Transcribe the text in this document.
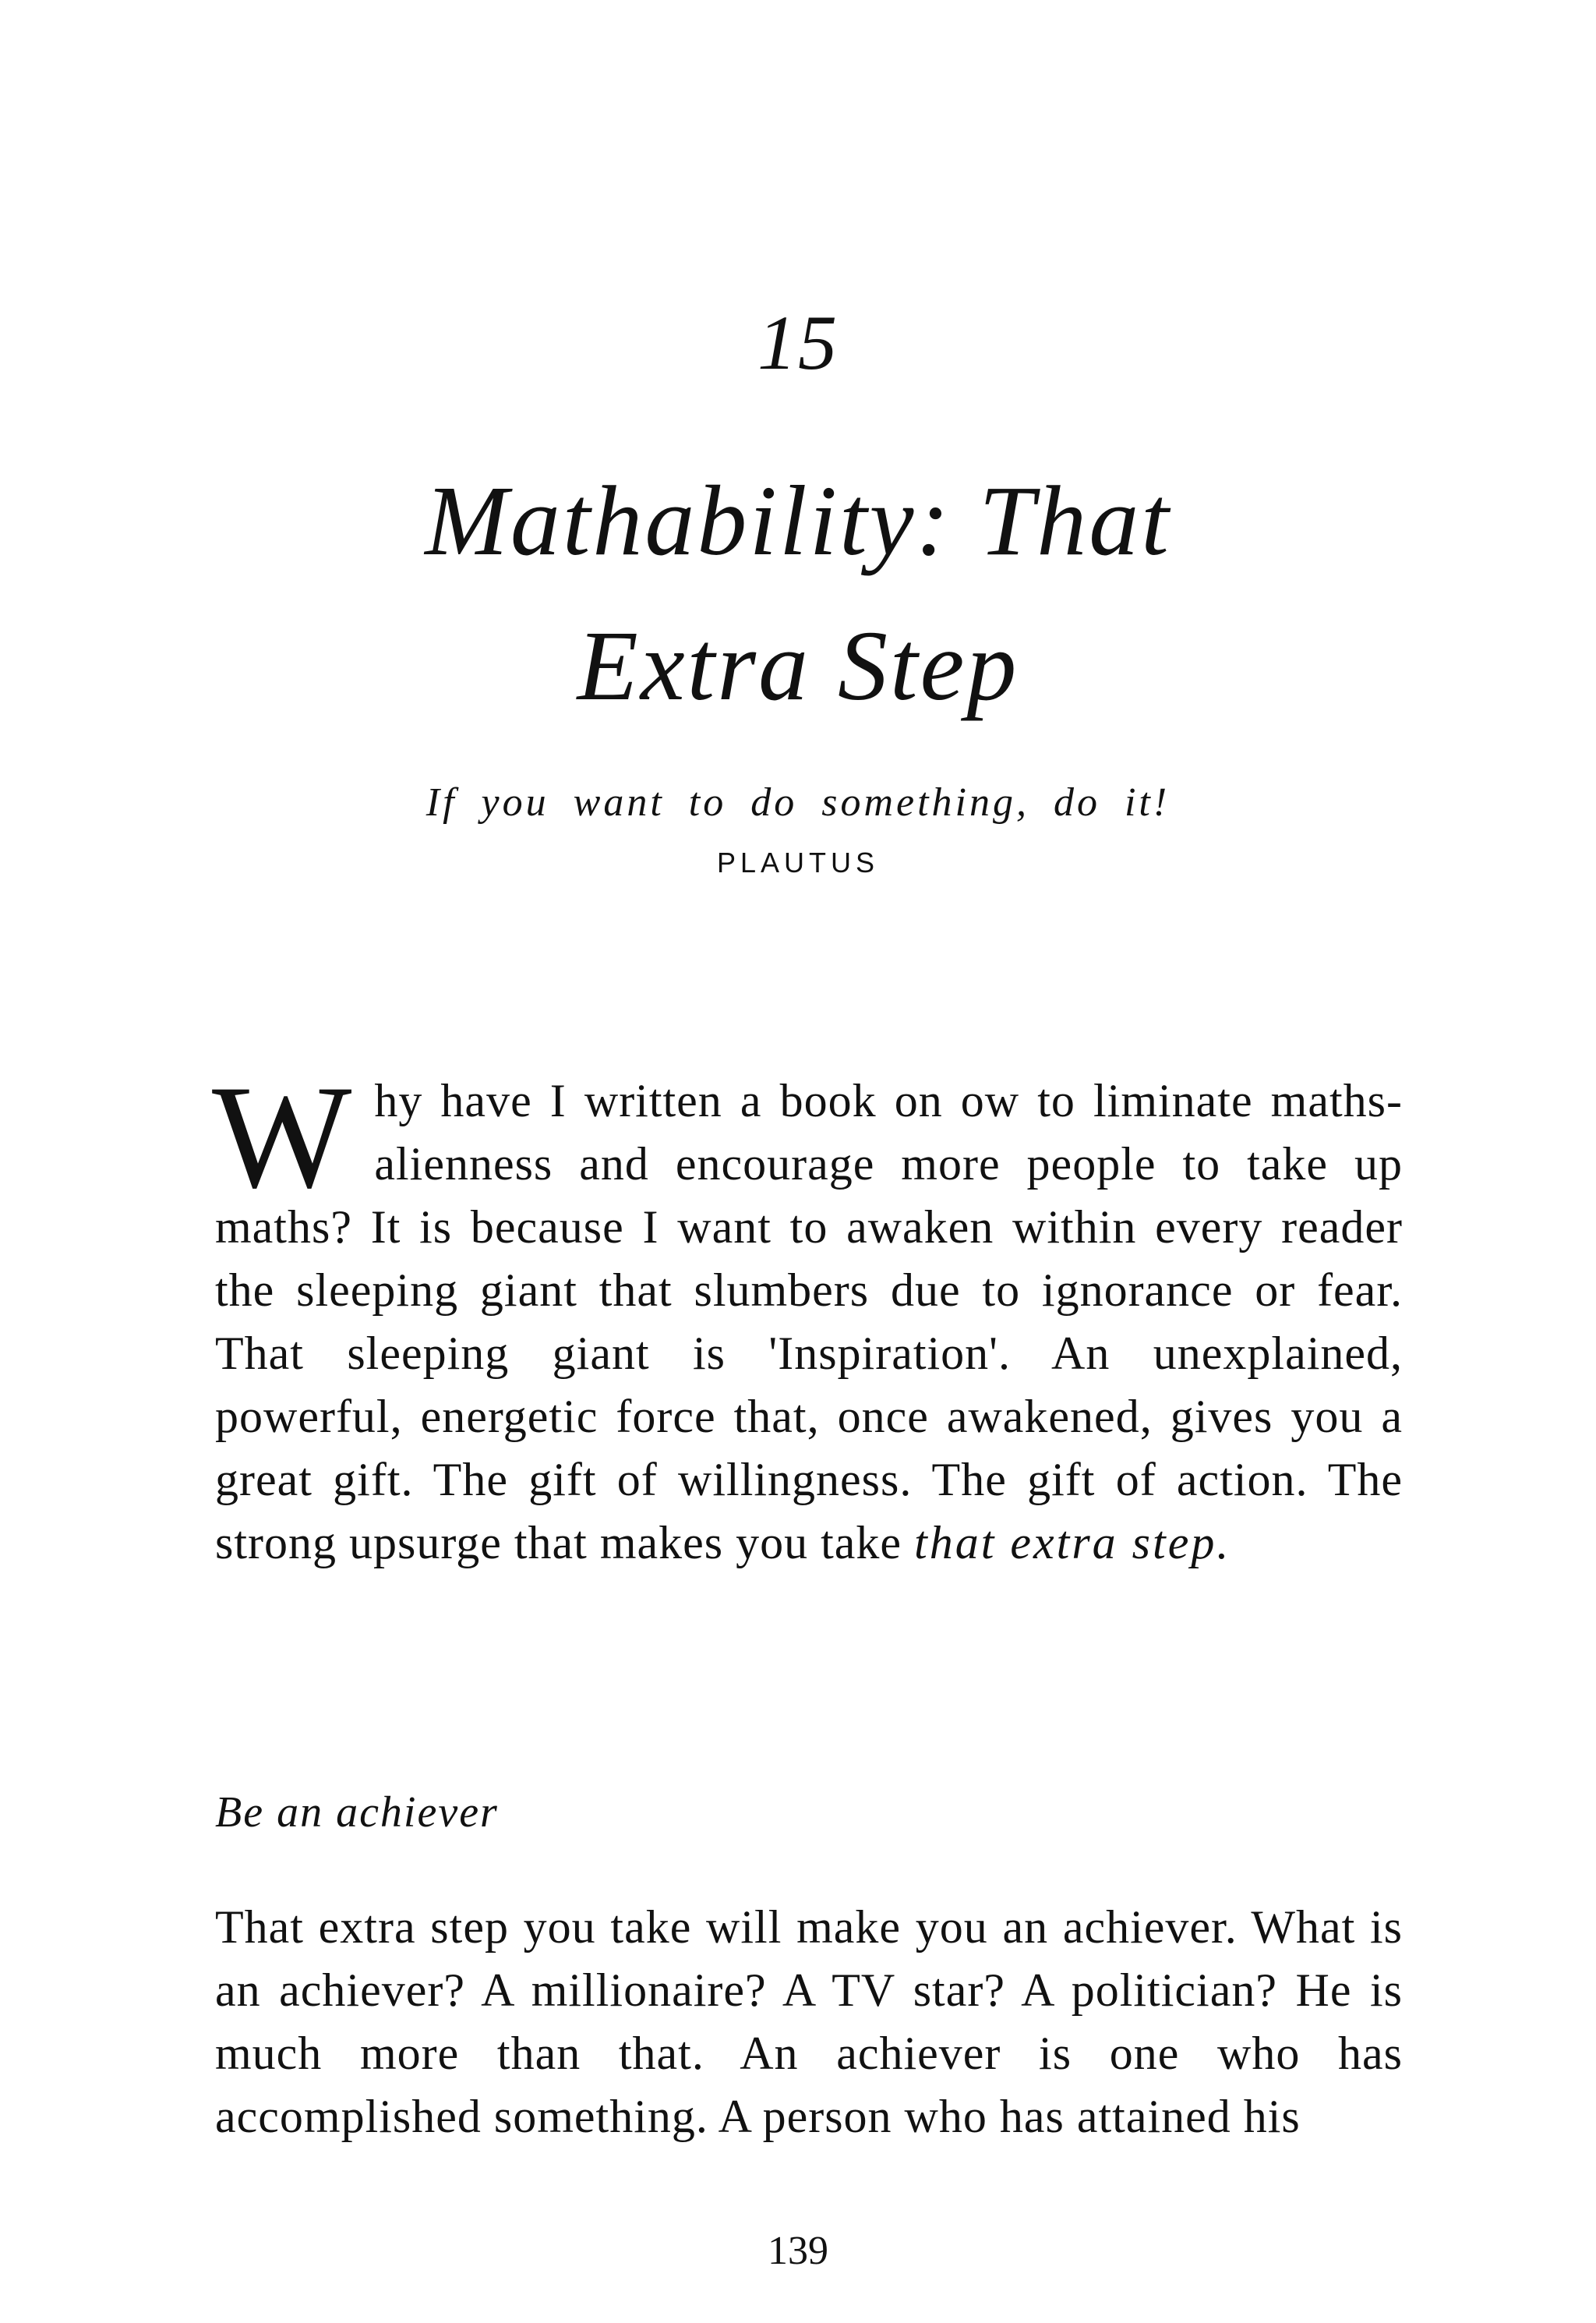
15
Mathability: That
Extra Step
If you want to do something, do it!
PLAUTUS
Why have I written a book on ow to liminate maths-alienness and encourage more people to take up maths? It is because I want to awaken within every reader the sleeping giant that slumbers due to ignorance or fear. That sleeping giant is 'Inspiration'. An unexplained, powerful, energetic force that, once awakened, gives you a great gift. The gift of willingness. The gift of action. The strong upsurge that makes you take that extra step.
Be an achiever
That extra step you take will make you an achiever. What is an achiever? A millionaire? A TV star? A politician? He is much more than that. An achiever is one who has accomplished something. A person who has attained his
139
